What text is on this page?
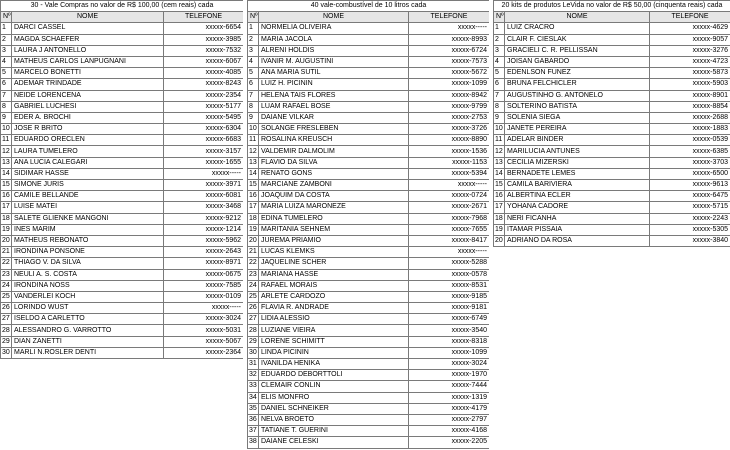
30 - Vale Compras no valor de R$ 100,00 (cem reais) cada		
Nº	NOME	TELEFONE
1	DARCI CASSEL	xxxxx-6654
2	MAGDA SCHAEFER	xxxxx-3985
3	LAURA J ANTONELLO	xxxxx-7532
4	MATHEUS CARLOS LANPUGNANI	xxxxx-6067
5	MARCELO BONETTI	xxxxx-4085
6	ADEMAR TRINDADE	xxxxx-8243
7	NEIDE LORENCENA	xxxxx-2354
8	GABRIEL LUCHESI	xxxxx-5177
9	EDER A. BROCHI	xxxxx-5495
10	JOSE R BRITO	xxxxx-6304
11	EDUARDO ORECLEN	xxxxx-6683
12	LAURA TUMELERO	xxxxx-3157
13	ANA LUCIA CALEGARI	xxxxx-1655
14	SIDIMAR HASSE	xxxxx-----
15	SIMONE JURIS	xxxxx-3971
16	CAMILE BELLANDE	xxxxx-6081
17	LUISE MATEI	xxxxx-3468
18	SALETE GLIENKE MANGONI	xxxxx-9212
19	INES MARIM	xxxxx-1214
20	MATHEUS REBONATO	xxxxx-5962
21	IRONDINA PONSONE	xxxxx-2643
22	THIAGO V. DA SILVA	xxxxx-8971
23	NEULI A. S. COSTA	xxxxx-0675
24	IRONDINA NOSS	xxxxx-7585
25	VANDERLEI KOCH	xxxxx-0109
26	LORINDO WUST	xxxxx-----
27	ISELDO A CARLETTO	xxxxx-3024
28	ALESSANDRO G. VARROTTO	xxxxx-5031
29	DIAN ZANETTI	xxxxx-5067
30	MARLI N.ROSLER DENTI	xxxxx-2364
40 vale-combustível de 10 litros cada		
Nº	NOME	TELEFONE
1	NORMELIA OLIVEIRA	xxxxx-----
2	MARIA JACOLA	xxxxx-8993
3	ALRENI HOLDIS	xxxxx-6724
4	IVANIR M. AUGUSTINI	xxxxx-7573
5	ANA MARIA SUTIL	xxxxx-5672
6	LUIZ H. PICININ	xxxxx-1099
7	HELENA TAIS FLORES	xxxxx-8942
8	LUAM RAFAEL BOSE	xxxxx-9799
9	DAIANE VILKAR	xxxxx-2753
10	SOLANGE FRESLEBEN	xxxxx-3726
11	ROSALINA KREUSCH	xxxxx-8890
12	VALDEMIR DALMOLIM	xxxxx-1536
13	FLAVIO DA SILVA	xxxxx-1153
14	RENATO GONS	xxxxx-5394
15	MARCIANE ZAMBONI	xxxxx-----
16	JOAQUIM DA COSTA	xxxxx-0724
17	MARIA LUIZA MARONEZE	xxxxx-2671
18	EDINA TUMELERO	xxxxx-7968
19	MARITANIA SEHNEM	xxxxx-7655
20	JUREMA PRIAMIO	xxxxx-8417
21	LUCAS KLEMKS	xxxxx-----
22	JAQUELINE SCHER	xxxxx-5288
23	MARIANA HASSE	xxxxx-0578
24	RAFAEL MORAIS	xxxxx-8531
25	ARLETE CARDOZO	xxxxx-9185
26	FLAVIA R. ANDRADE	xxxxx-9181
27	LIDIA ALESSIO	xxxxx-6749
28	LUZIANE VIEIRA	xxxxx-3540
29	LORENE SCHIMITT	xxxxx-8318
30	LINDA PICININ	xxxxx-1099
31	IVANILDA HENIKA	xxxxx-3024
32	EDUARDO DEBORTTOLI	xxxxx-1970
33	CLEMAIR CONLIN	xxxxx-7444
34	ELIS MONFRO	xxxxx-1319
35	DANIEL SCHNEIKER	xxxxx-4179
36	NELVA BROETO	xxxxx-2797
37	TATIANE T. GUERINI	xxxxx-4168
38	DAIANE CELESKI	xxxxx-2205
20 kits de produtos LeVida no valor de R$ 50,00 (cinquenta reais) cada		
Nº	NOME	TELEFONE
1	LUIZ CRACRO	xxxxx-4629
2	CLAIR F. CIESLAK	xxxxx-9057
3	GRACIELI C. R. PELLISSAN	xxxxx-3276
4	JOISAN GABARDO	xxxxx-4723
5	EDENLSON FUNEZ	xxxxx-5873
6	BRUNA FELCHICLER	xxxxx-5903
7	AUGUSTINHO G. ANTONELO	xxxxx-8901
8	SOLTERINO BATISTA	xxxxx-8854
9	SOLENIA SIEGA	xxxxx-2688
10	JANETE PEREIRA	xxxxx-1883
11	ADELAR BINDER	xxxxx-0539
12	MARILUCIA ANTUNES	xxxxx-6385
13	CECILIA MIZERSKI	xxxxx-3703
14	BERNADETE LEMES	xxxxx-6500
15	CAMILA BARIVIERA	xxxxx-9613
16	ALBERTINA ECLER	xxxxx-6475
17	YOHANA CADORE	xxxxx-5715
18	NERI FICANHA	xxxxx-2243
19	ITAMAR PISSAIA	xxxxx-5305
20	ADRIANO DA ROSA	xxxxx-3840
